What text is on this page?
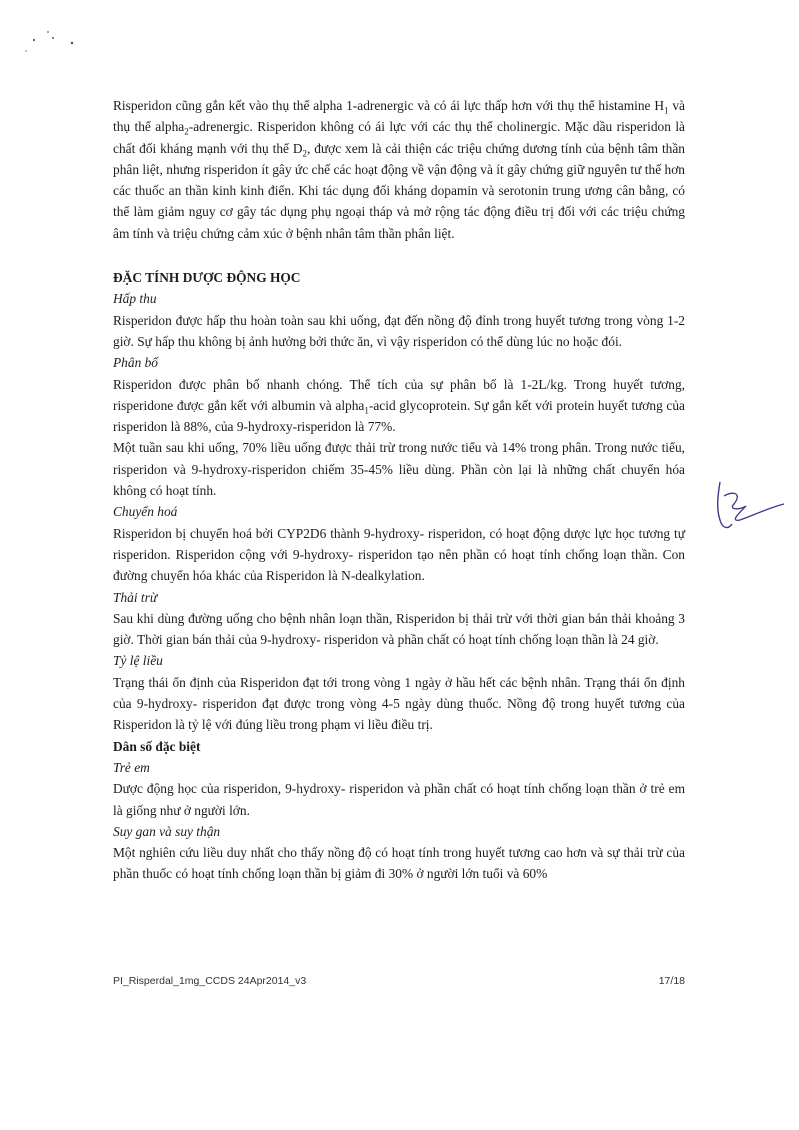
Risperidon cũng gắn kết vào thụ thể alpha 1-adrenergic và có ái lực thấp hơn với thụ thể histamine $H_1$ và thụ thể alpha$_2$-adrenergic. Risperidon không có ái lực với các thụ thể cholinergic. Mặc dầu risperidon là chất đối kháng mạnh với thụ thể $D_2$, được xem là cải thiện các triệu chứng dương tính của bệnh tâm thần phân liệt, nhưng risperidon ít gây ức chế các hoạt động về vận động và ít gây chứng giữ nguyên tư thế hơn các thuốc an thần kinh kinh điển. Khi tác dụng đối kháng dopamin và serotonin trung ương cân bằng, có thể làm giảm nguy cơ gây tác dụng phụ ngoại tháp và mở rộng tác động điều trị đối với các triệu chứng âm tính và triệu chứng cảm xúc ở bệnh nhân tâm thần phân liệt.

ĐẶC TÍNH DƯỢC ĐỘNG HỌC
Hấp thu

Risperidon được hấp thu hoàn toàn sau khi uống, đạt đến nồng độ đỉnh trong huyết tương trong vòng 1-2 giờ. Sự hấp thu không bị ảnh hưởng bởi thức ăn, vì vậy risperidon có thể dùng lúc no hoặc đói.

Phân bố

Risperidon được phân bố nhanh chóng. Thể tích của sự phân bố là 1-2L/kg. Trong huyết tương, risperidone được gắn kết với albumin và alpha$_1$-acid glycoprotein. Sự gắn kết với protein huyết tương của risperidon là 88%, của 9-hydroxy-risperidon là 77%.

Một tuần sau khi uống, 70% liều uống được thải trừ trong nước tiểu và 14% trong phân. Trong nước tiểu, risperidon và 9-hydroxy-risperidon chiếm 35-45% liều dùng. Phần còn lại là những chất chuyển hóa không có hoạt tính.

Chuyển hoá

Risperidon bị chuyển hoá bởi CYP2D6 thành 9-hydroxy- risperidon, có hoạt động dược lực học tương tự risperidon. Risperidon cộng với 9-hydroxy- risperidon tạo nên phần có hoạt tính chống loạn thần. Con đường chuyển hóa khác của Risperidon là N-dealkylation.

Thải trừ

Sau khi dùng đường uống cho bệnh nhân loạn thần, Risperidon bị thải trừ với thời gian bán thải khoảng 3 giờ. Thời gian bán thải của 9-hydroxy- risperidon và phần chất có hoạt tính chống loạn thần là 24 giờ.

Tỷ lệ liều

Trạng thái ổn định của Risperidon đạt tới trong vòng 1 ngày ở hầu hết các bệnh nhân. Trạng thái ổn định của 9-hydroxy- risperidon đạt được trong vòng 4-5 ngày dùng thuốc. Nồng độ trong huyết tương của Risperidon là tỷ lệ với đúng liều trong phạm vi liều điều trị.

Dân số đặc biệt
Trẻ em

Dược động học của risperidon, 9-hydroxy- risperidon và phần chất có hoạt tính chống loạn thần ở trẻ em là giống như ở người lớn.

Suy gan và suy thận

Một nghiên cứu liều duy nhất cho thấy nồng độ có hoạt tính trong huyết tương cao hơn và sự thải trừ của phần thuốc có hoạt tính chống loạn thần bị giảm đi 30% ở người lớn tuổi và 60%

PI_Risperdal_1mg_CCDS 24Apr2014_v3	17/18
